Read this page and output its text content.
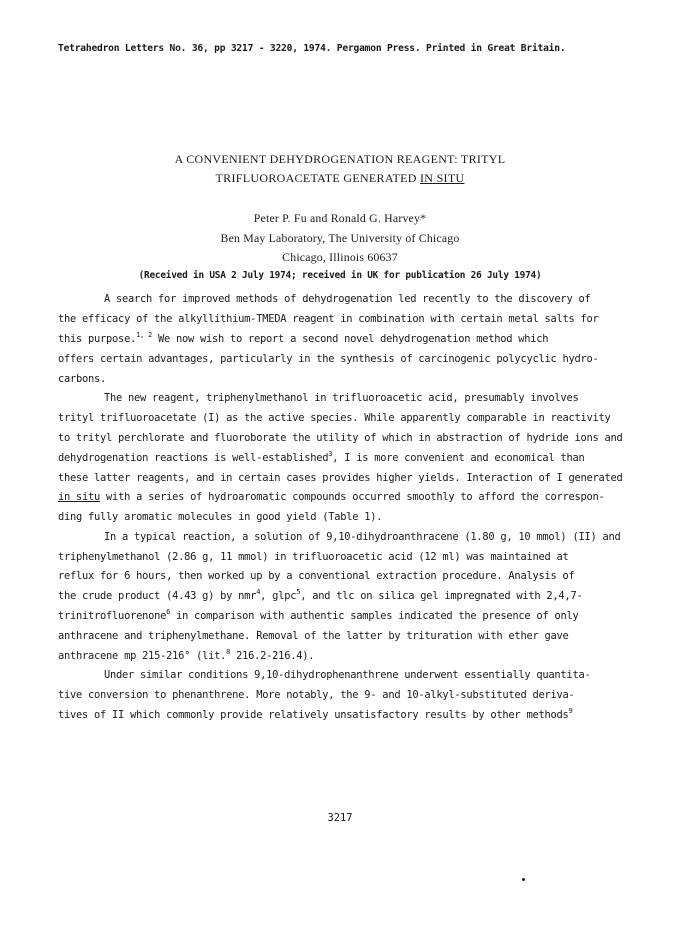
Tetrahedron Letters No. 36, pp 3217 - 3220, 1974. Pergamon Press. Printed in Great Britain.
A CONVENIENT DEHYDROGENATION REAGENT: TRITYL
TRIFLUOROACETATE GENERATED IN SITU
Peter P. Fu and Ronald G. Harvey*
Ben May Laboratory, The University of Chicago
Chicago, Illinois 60637
(Received in USA 2 July 1974; received in UK for publication 26 July 1974)
A search for improved methods of dehydrogenation led recently to the discovery of
the efficacy of the alkyllithium-TMEDA reagent in combination with certain metal salts for
this purpose.$^{1, 2}$ We now wish to report a second novel dehydrogenation method which
offers certain advantages, particularly in the synthesis of carcinogenic polycyclic hydro-
carbons.
The new reagent, triphenylmethanol in trifluoroacetic acid, presumably involves
trityl trifluoroacetate (I) as the active species. While apparently comparable in reactivity
to trityl perchlorate and fluoroborate the utility of which in abstraction of hydride ions and
dehydrogenation reactions is well-established$^3$, I is more convenient and economical than
these latter reagents, and in certain cases provides higher yields. Interaction of I generated
in situ with a series of hydroaromatic compounds occurred smoothly to afford the correspon-
ding fully aromatic molecules in good yield (Table 1).
In a typical reaction, a solution of 9,10-dihydroanthracene (1.80 g, 10 mmol) (II) and
triphenylmethanol (2.86 g, 11 mmol) in trifluoroacetic acid (12 ml) was maintained at
reflux for 6 hours, then worked up by a conventional extraction procedure. Analysis of
the crude product (4.43 g) by nmr$^4$, glpc$^5$, and tlc on silica gel impregnated with 2,4,7-
trinitrofluorenone$^6$ in comparison with authentic samples indicated the presence of only
anthracene and triphenylmethane. Removal of the latter by trituration with ether gave
anthracene mp 215-216° (lit.$^8$ 216.2-216.4).
Under similar conditions 9,10-dihydrophenanthrene underwent essentially quantita-
tive conversion to phenanthrene. More notably, the 9- and 10-alkyl-substituted deriva-
tives of II which commonly provide relatively unsatisfactory results by other methods$^9$
3217
